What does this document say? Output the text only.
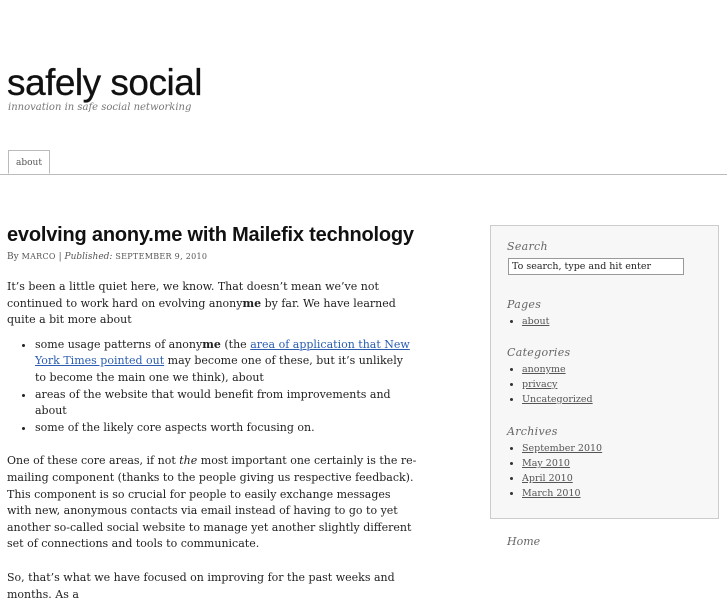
safely social

innovation in safe social networking

about
evolving anony.me with Mailefix technology
By MARCO | Published: SEPTEMBER 9, 2010

It’s been a little quiet here, we know. That doesn’t mean we’ve not continued to work hard on evolving anonyme by far. We have learned quite a bit more about

• some usage patterns of anonyme (the area of application that New York Times pointed out may become one of these, but it’s unlikely to become the main one we think), about
• areas of the website that would benefit from improvements and about
• some of the likely core aspects worth focusing on.

One of these core areas, if not the most important one certainly is the re-mailing component (thanks to the people giving us respective feedback). This component is so crucial for people to easily exchange messages with new, anonymous contacts via email instead of having to go to yet another so-called social website to manage yet another slightly different set of connections and tools to communicate.

So, that’s what we have focused on improving for the past weeks and months. As a

Search
To search, type and hit enter
Pages
• about
Categories
• anonyme
• privacy
• Uncategorized
Archives
• September 2010
• May 2010
• April 2010
• March 2010
Home
